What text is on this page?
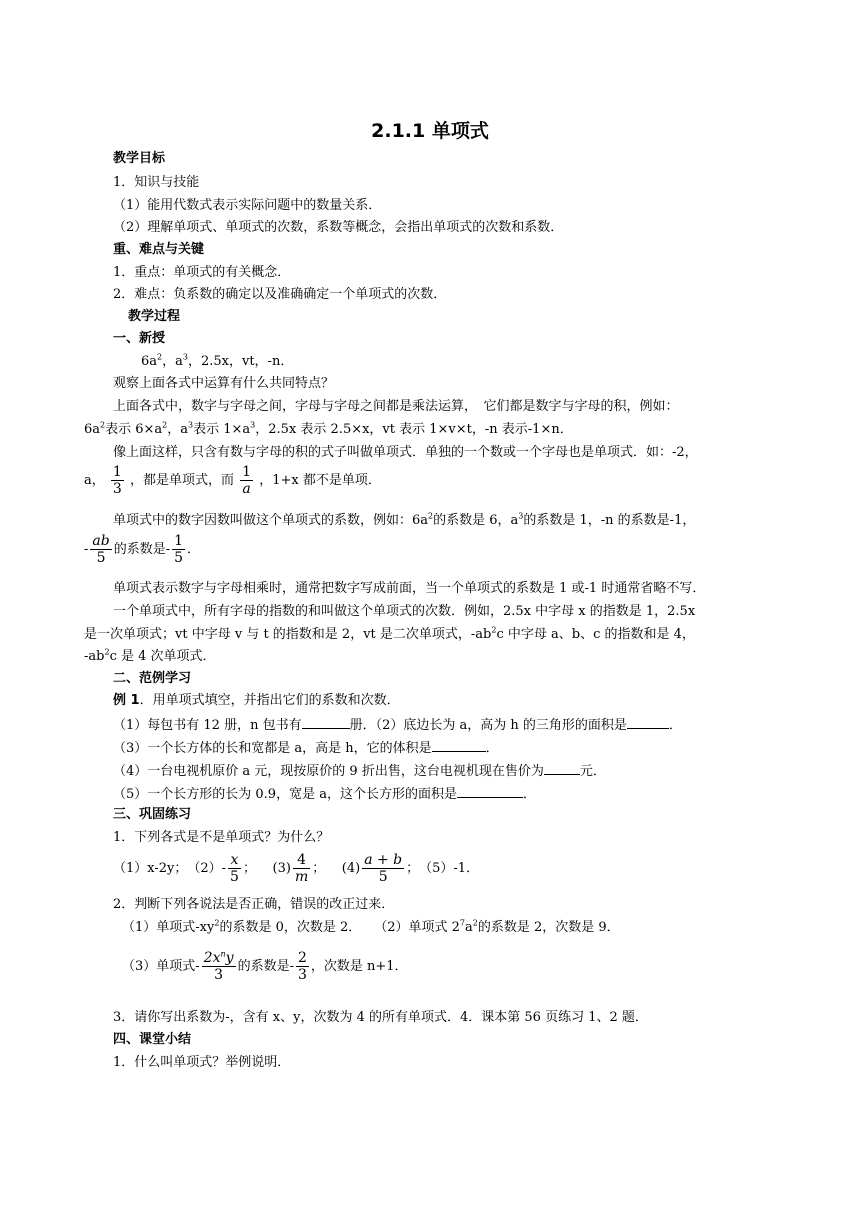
2.1.1 单项式
教学目标
1．知识与技能
（1）能用代数式表示实际问题中的数量关系．
（2）理解单项式、单项式的次数，系数等概念，会指出单项式的次数和系数．
重、难点与关键
1．重点：单项式的有关概念．
2．难点：负系数的确定以及准确确定一个单项式的次数．
教学过程
一、新授
$6a^2$，$a^3$，2.5x，vt，-n．
观察上面各式中运算有什么共同特点？
上面各式中，数字与字母之间，字母与字母之间都是乘法运算，　它们都是数字与字母的积，例如：
$6a^2$表示 $6\times a^2$，$a^3$表示 $1\times a^3$，2.5x 表示 2.5×x，vt 表示 1×v×t，-n 表示-1×n．
像上面这样，只含有数与字母的积的式子叫做单项式．单独的一个数或一个字母也是单项式．如：-2，
a， $\frac{1}{3}$ ，都是单项式，而 $\frac{1}{a}$ ，1+x 都不是单项．
单项式中的数字因数叫做这个单项式的系数，例如：$6a^2$的系数是 6，$a^3$的系数是 1，-n 的系数是-1，
- $\frac{ab}{5}$ 的系数是- $\frac{1}{5}$ ．
单项式表示数字与字母相乘时，通常把数字写成前面，当一个单项式的系数是 1 或-1 时通常省略不写．
一个单项式中，所有字母的指数的和叫做这个单项式的次数．例如，2.5x 中字母 x 的指数是 1，2.5x
是一次单项式；vt 中字母 v 与 t 的指数和是 2，vt 是二次单项式，$-ab^2c$ 中字母 a、b、c 的指数和是 4，
$-ab^2c$ 是 4 次单项式．
二、范例学习
例 1．用单项式填空，并指出它们的系数和次数．
（1）每包书有 12 册，n 包书有	册．（2）底边长为 a，高为 h 的三角形的面积是	．
（3）一个长方体的长和宽都是 a，高是 h，它的体积是	．
（4）一台电视机原价 a 元，现按原价的 9 折出售，这台电视机现在售价为	元．
（5）一个长方形的长为 0.9，宽是 a，这个长方形的面积是	．
三、巩固练习
1．下列各式是不是单项式？为什么？
（1）x-2y；　$(2)- \frac{x}{5}$ ； $(3) \frac{4}{m}$ ； $(4) \frac{a + b}{5}$ ；　（5）-1．
2．判断下列各说法是否正确，错误的改正过来．
（1）单项式$-xy^2$的系数是 0，次数是 2．　　（2）单项式 $2^7a^2$的系数是 2，次数是 9．
（3）单项式- $\frac{2x^ny}{3}$ 的系数是- $\frac{2}{3}$ ，次数是 n+1．
3．请你写出系数为-，含有 x、y，次数为 4 的所有单项式．4．课本第 56 页练习 1、2 题．
四、课堂小结
1．什么叫单项式？举例说明．
